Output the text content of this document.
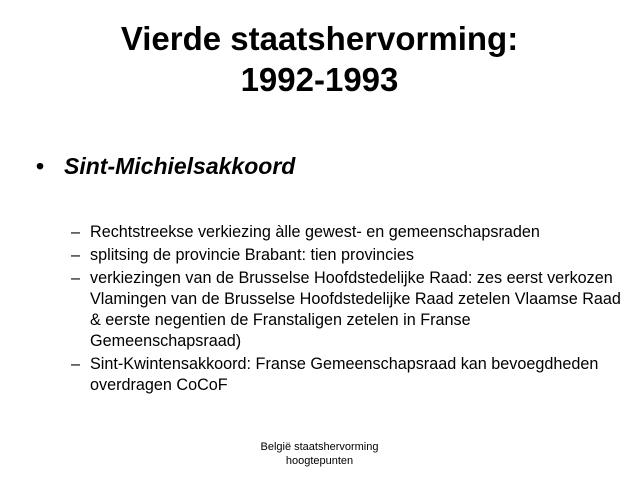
Vierde staatshervorming:
1992-1993
• Sint-Michielsakkoord
– Rechtstreekse verkiezing àlle gewest- en gemeenschapsraden
– splitsing de provincie Brabant: tien provincies
– verkiezingen van de Brusselse Hoofdstedelijke Raad: zes eerst verkozen Vlamingen van de Brusselse Hoofdstedelijke Raad zetelen Vlaamse Raad & eerste negentien de Franstaligen zetelen in Franse Gemeenschapsraad)
– Sint-Kwintensakkoord: Franse Gemeenschapsraad kan bevoegdheden overdragen CoCoF
België staatshervorming
hoogtepunten
